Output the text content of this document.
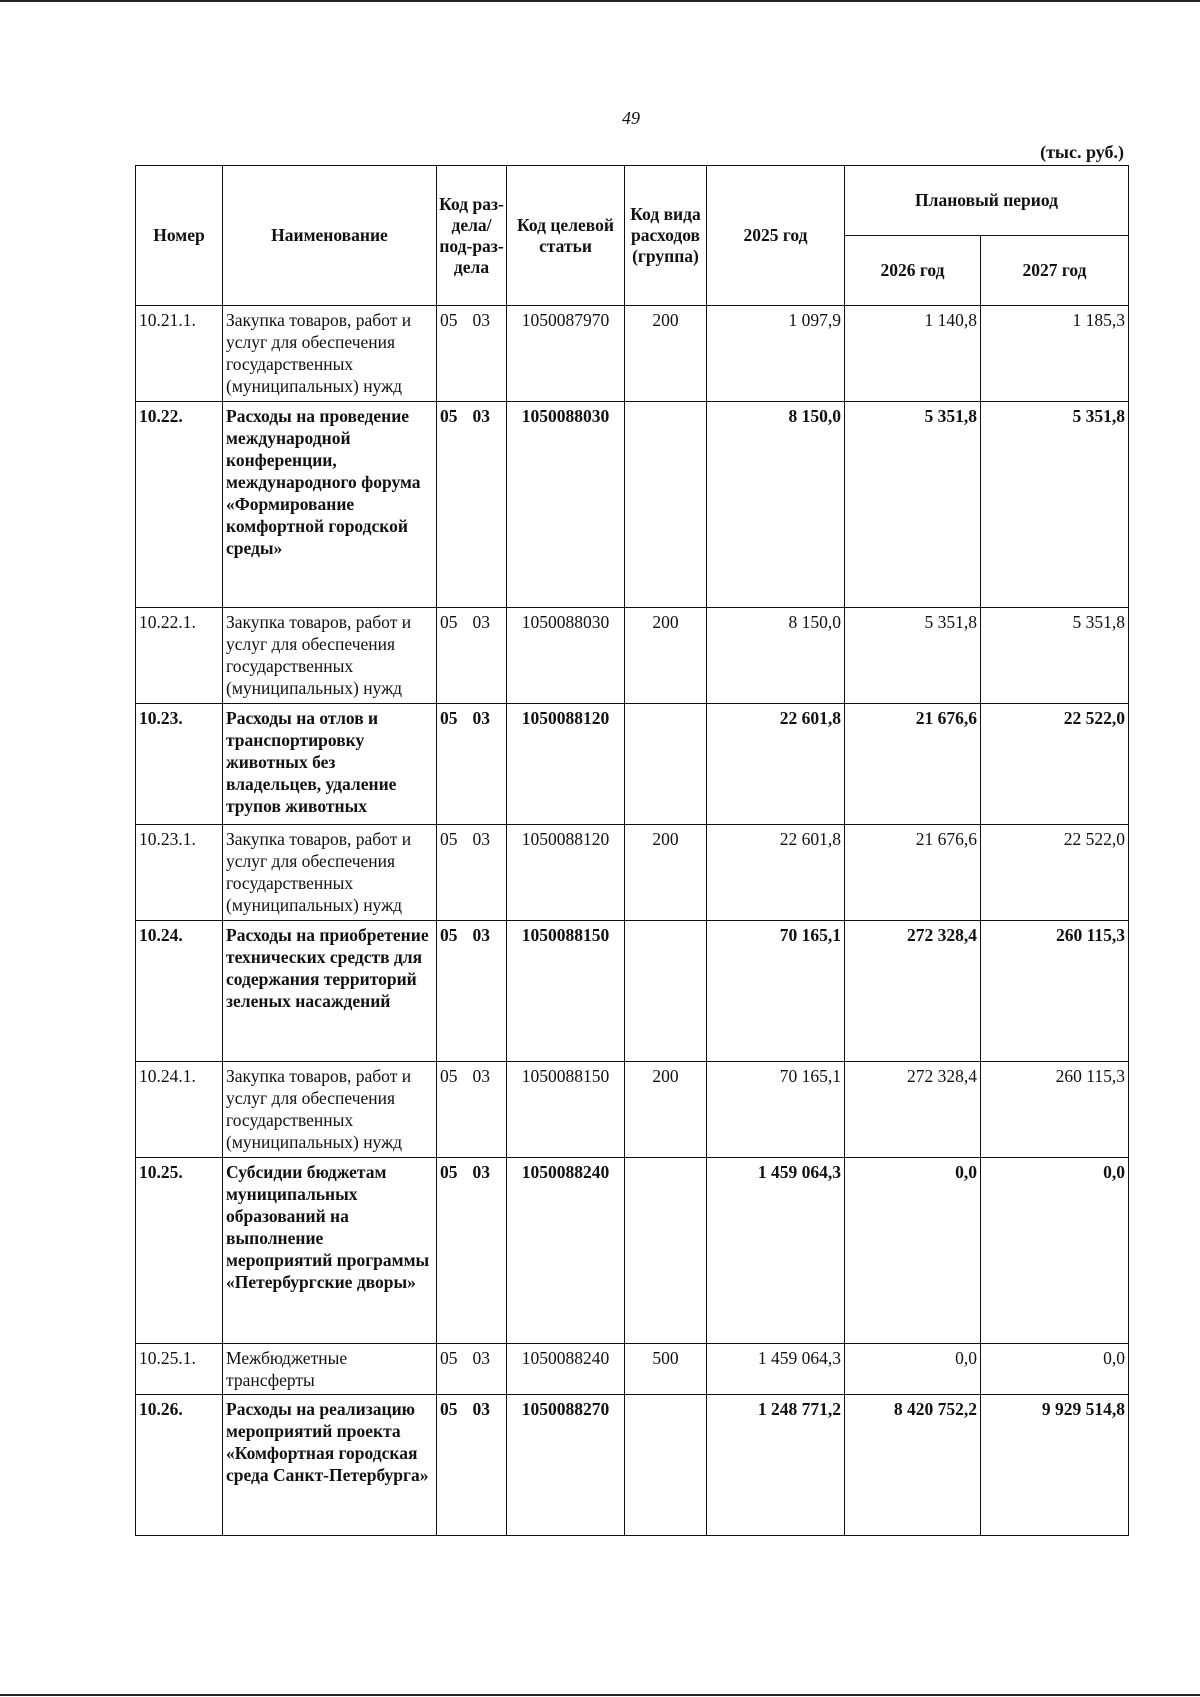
49
(тыс. руб.)
Номер	Наименование	Код раз-дела/ под-раз-дела	Код целевой статьи	Код вида расходов (группа)	2025 год	Плановый период	
						2026 год	2027 год
10.21.1.	Закупка товаров, работ и услуг для обеспечения государственных (муниципальных) нужд	05 03	1050087970	200	1 097,9	1 140,8	1 185,3
10.22.	Расходы на проведение международной конференции, международного форума «Формирование комфортной городской среды»	05 03	1050088030		8 150,0	5 351,8	5 351,8
10.22.1.	Закупка товаров, работ и услуг для обеспечения государственных (муниципальных) нужд	05 03	1050088030	200	8 150,0	5 351,8	5 351,8
10.23.	Расходы на отлов и транспортировку животных без владельцев, удаление трупов животных	05 03	1050088120		22 601,8	21 676,6	22 522,0
10.23.1.	Закупка товаров, работ и услуг для обеспечения государственных (муниципальных) нужд	05 03	1050088120	200	22 601,8	21 676,6	22 522,0
10.24.	Расходы на приобретение технических средств для содержания территорий зеленых насаждений	05 03	1050088150		70 165,1	272 328,4	260 115,3
10.24.1.	Закупка товаров, работ и услуг для обеспечения государственных (муниципальных) нужд	05 03	1050088150	200	70 165,1	272 328,4	260 115,3
10.25.	Субсидии бюджетам муниципальных образований на выполнение мероприятий программы «Петербургские дворы»	05 03	1050088240		1 459 064,3	0,0	0,0
10.25.1.	Межбюджетные трансферты	05 03	1050088240	500	1 459 064,3	0,0	0,0
10.26.	Расходы на реализацию мероприятий проекта «Комфортная городская среда Санкт-Петербурга»	05 03	1050088270		1 248 771,2	8 420 752,2	9 929 514,8
